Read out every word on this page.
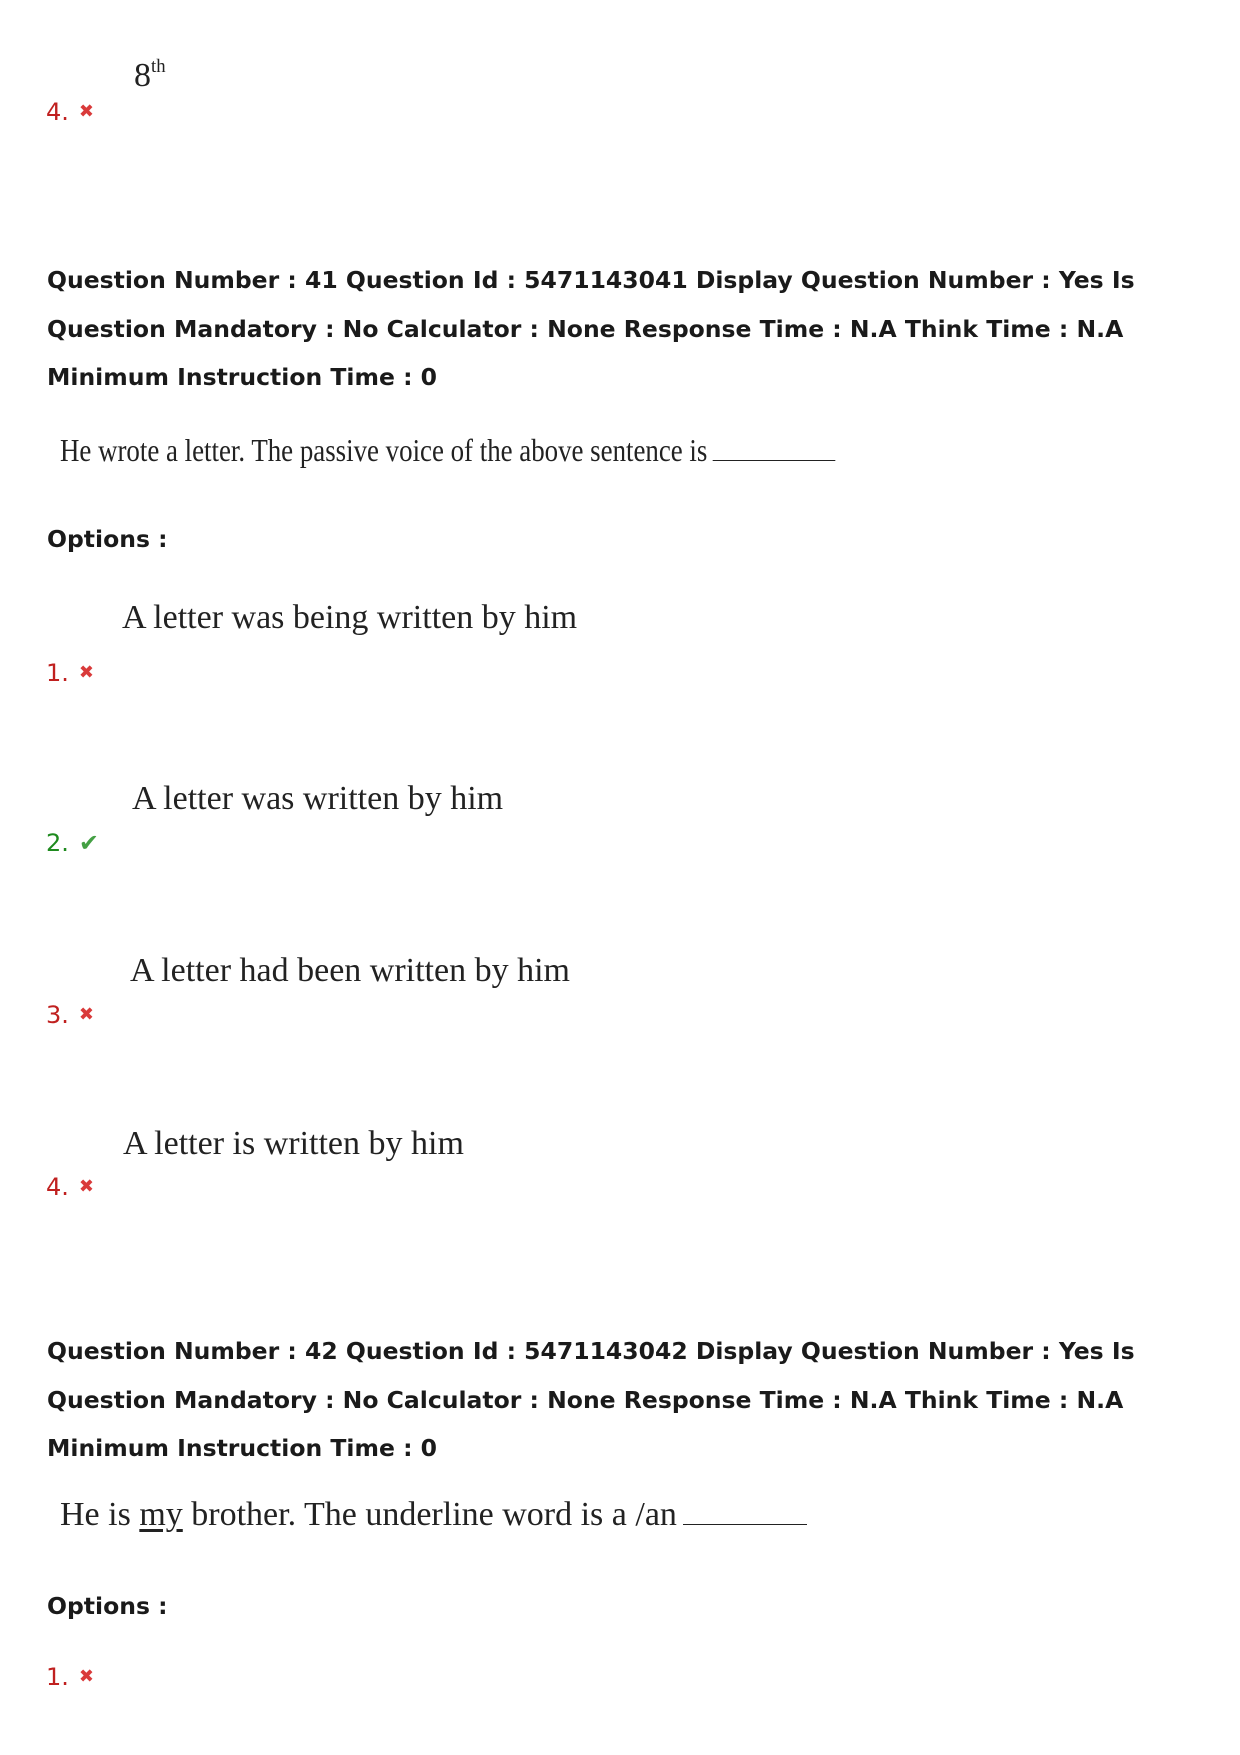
8th
4. ✖
Question Number : 41 Question Id : 5471143041 Display Question Number : Yes Is Question Mandatory : No Calculator : None Response Time : N.A Think Time : N.A Minimum Instruction Time : 0
He wrote a letter. The passive voice of the above sentence is
Options :
A letter was being written by him
1. ✖
A letter was written by him
2. ✔
A letter had been written by him
3. ✖
A letter is written by him
4. ✖
Question Number : 42 Question Id : 5471143042 Display Question Number : Yes Is Question Mandatory : No Calculator : None Response Time : N.A Think Time : N.A Minimum Instruction Time : 0
He is my brother. The underline word is a /an
Options :
1. ✖
